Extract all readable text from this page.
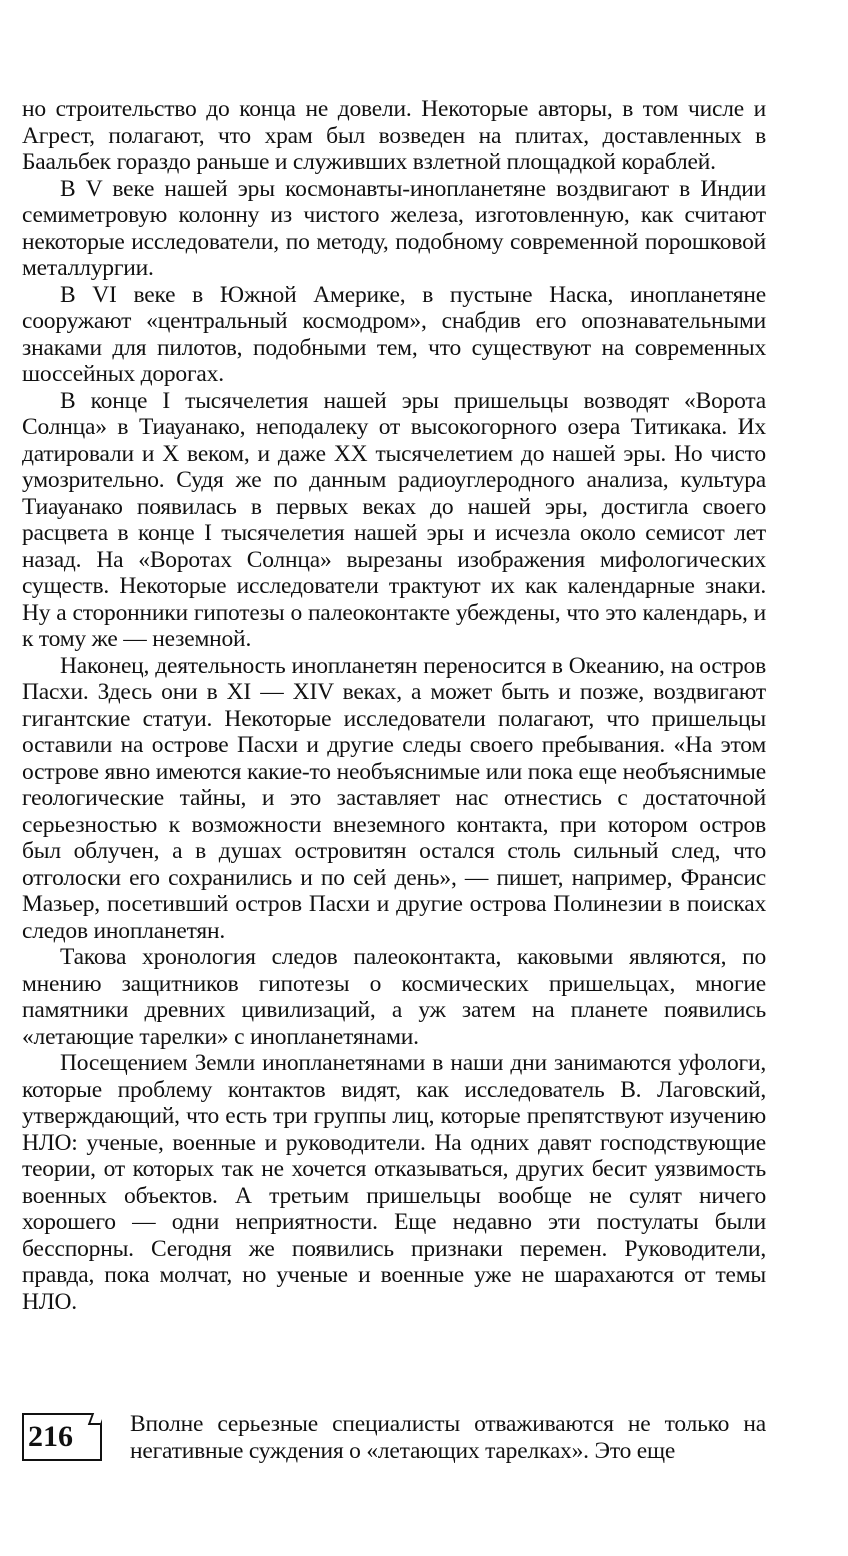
но строительство до конца не довели. Некоторые авторы, в том числе и Агрест, полагают, что храм был возведен на плитах, доставленных в Баальбек гораздо раньше и служивших взлетной площадкой кораблей.

В V веке нашей эры космонавты-инопланетяне воздвигают в Индии семиметровую колонну из чистого железа, изготовленную, как считают некоторые исследователи, по методу, подобному современной порошковой металлургии.

В VI веке в Южной Америке, в пустыне Наска, инопланетяне сооружают «центральный космодром», снабдив его опознавательными знаками для пилотов, подобными тем, что существуют на современных шоссейных дорогах.

В конце I тысячелетия нашей эры пришельцы возводят «Ворота Солнца» в Тиауанако, неподалеку от высокогорного озера Титикака. Их датировали и X веком, и даже XX тысячелетием до нашей эры. Но чисто умозрительно. Судя же по данным радиоуглеродного анализа, культура Тиауанако появилась в первых веках до нашей эры, достигла своего расцвета в конце I тысячелетия нашей эры и исчезла около семисот лет назад. На «Воротах Солнца» вырезаны изображения мифологических существ. Некоторые исследователи трактуют их как календарные знаки. Ну а сторонники гипотезы о палеоконтакте убеждены, что это календарь, и к тому же — неземной.

Наконец, деятельность инопланетян переносится в Океанию, на остров Пасхи. Здесь они в XI — XIV веках, а может быть и позже, воздвигают гигантские статуи. Некоторые исследователи полагают, что пришельцы оставили на острове Пасхи и другие следы своего пребывания. «На этом острове явно имеются какие-то необъяснимые или пока еще необъяснимые геологические тайны, и это заставляет нас отнестись с достаточной серьезностью к возможности внеземного контакта, при котором остров был облучен, а в душах островитян остался столь сильный след, что отголоски его сохранились и по сей день», — пишет, например, Франсис Мазьер, посетивший остров Пасхи и другие острова Полинезии в поисках следов инопланетян.

Такова хронология следов палеоконтакта, каковыми являются, по мнению защитников гипотезы о космических пришельцах, многие памятники древних цивилизаций, а уж затем на планете появились «летающие тарелки» с инопланетянами.

Посещением Земли инопланетянами в наши дни занимаются уфологи, которые проблему контактов видят, как исследователь В. Лаговский, утверждающий, что есть три группы лиц, которые препятствуют изучению НЛО: ученые, военные и руководители. На одних давят господствующие теории, от которых так не хочется отказываться, других бесит уязвимость военных объектов. А третьим пришельцы вообще не сулят ничего хорошего — одни неприятности. Еще недавно эти постулаты были бесспорны. Сегодня же появились признаки перемен. Руководители, правда, пока молчат, но ученые и военные уже не шарахаются от темы НЛО.

216	Вполне серьезные специалисты отваживаются не только на негативные суждения о «летающих тарелках». Это еще
